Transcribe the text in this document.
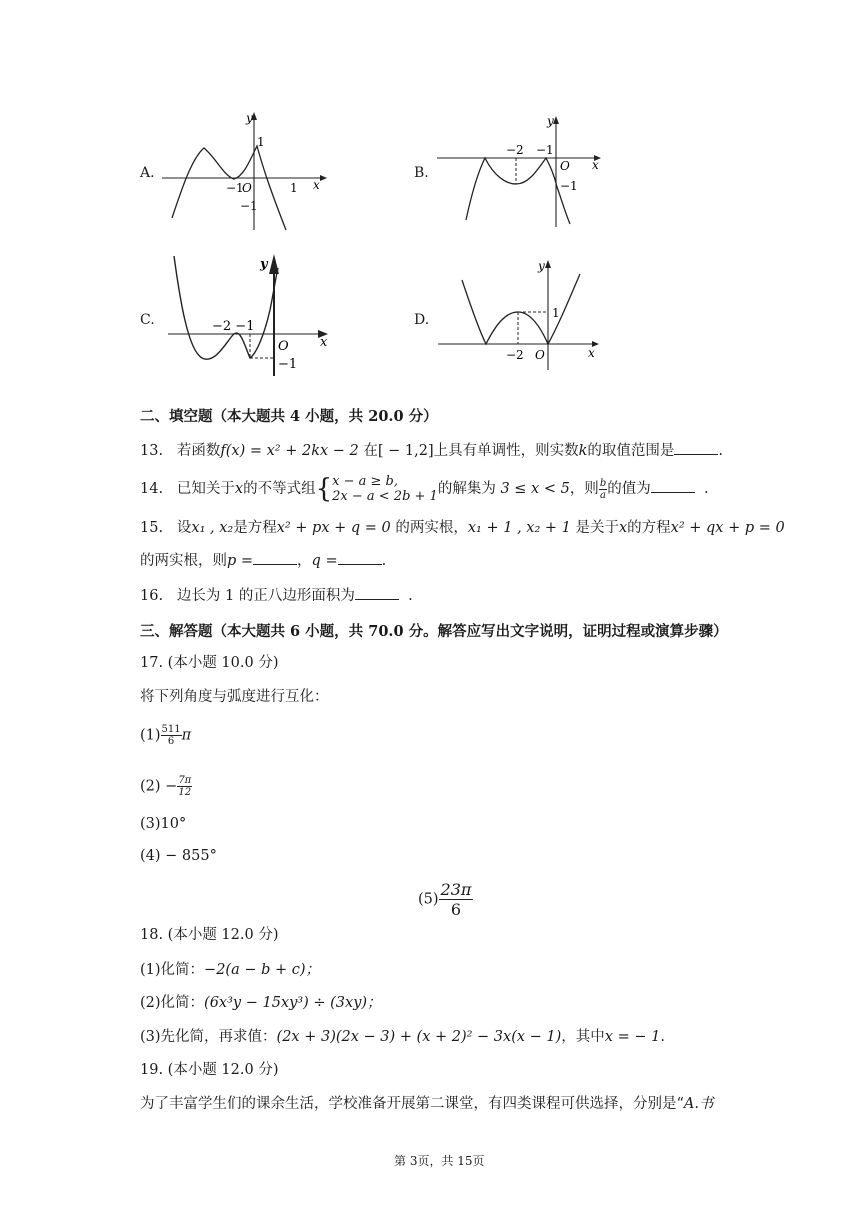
A.
y
x
1
−1
O	1
−1
B.
y
x
−2 −1
O
−1
C.
y
x
−2 −1
O
−1
D.
y
x
1
−2 O
二、填空题（本大题共 4 小题，共 20.0 分）
13. 若函数f(x) = x² + 2kx − 2 在[ − 1,2]上具有单调性，则实数k的取值范围是	.
14. 已知关于x的不等式组{ x − a ≥ b,
2x − a < 2b + 1 的解集为 3 ≤ x < 5，则 $\frac{b}{a}$ 的值为	.
15. 设x₁ , x₂是方程x² + px + q = 0 的两实根，x₁ + 1 , x₂ + 1 是关于x的方程x² + qx + p = 0
的两实根，则p =	，q =	.
16. 边长为 1 的正八边形面积为	.
三、解答题（本大题共 6 小题，共 70.0 分。解答应写出文字说明，证明过程或演算步骤）
17. (本小题 10.0 分)
将下列角度与弧度进行互化：
$(1) \frac{511}{6}$ π
$(2) - \frac{7\pi}{12}$
(3)10°
(4) − 855°
$(5) \frac{23\pi}{6}$
18. (本小题 12.0 分)
(1)化简：−2(a − b + c)；
(2)化简：(6x³y − 15xy³) ÷ (3xy)；
(3)先化简，再求值：(2x + 3)(2x − 3) + (x + 2)² − 3x(x − 1)，其中x = − 1.
19. (本小题 12.0 分)
为了丰富学生们的课余生活，学校准备开展第二课堂，有四类课程可供选择，分别是“A.书
第 3页，共 15页
